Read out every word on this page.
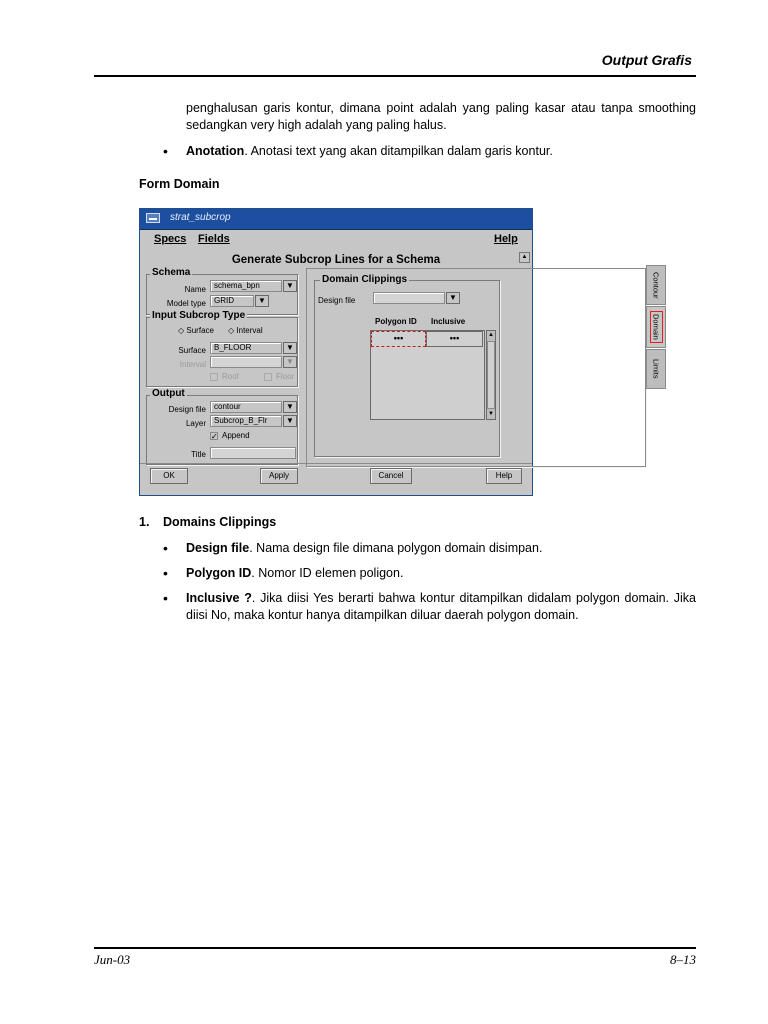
Output Grafis
penghalusan garis kontur, dimana point adalah yang paling kasar atau tanpa smoothing
sedangkan very high adalah yang paling halus.
• Anotation. Anotasi text yang akan ditampilkan dalam garis kontur.
Form Domain
strat_subcrop
Specs Fields	Help
Generate Subcrop Lines for a Schema	▲
Schema
Name	schema_bpn	▼
Model type	GRID	▼
Input Subcrop Type
◇ Surface ◇ Interval
Surface	B_FLOOR	▼
Interval	▼
Roof	Floor
Output
Design file	contour	▼
Layer	Subcrop_B_Flr	▼
✓ Append
Title
Domain Clippings
Design file	▼
Polygon ID Inclusive
•••	•••	▲
▼
Contour
Domain
Limits
OK	Apply	Cancel	Help
1. Domains Clippings
• Design file. Nama design file dimana polygon domain disimpan.
• Polygon ID. Nomor ID elemen poligon.
• Inclusive ?. Jika diisi Yes berarti bahwa kontur ditampilkan didalam polygon domain. Jika
diisi No, maka kontur hanya ditampilkan diluar daerah polygon domain.
Jun-03	8–13
